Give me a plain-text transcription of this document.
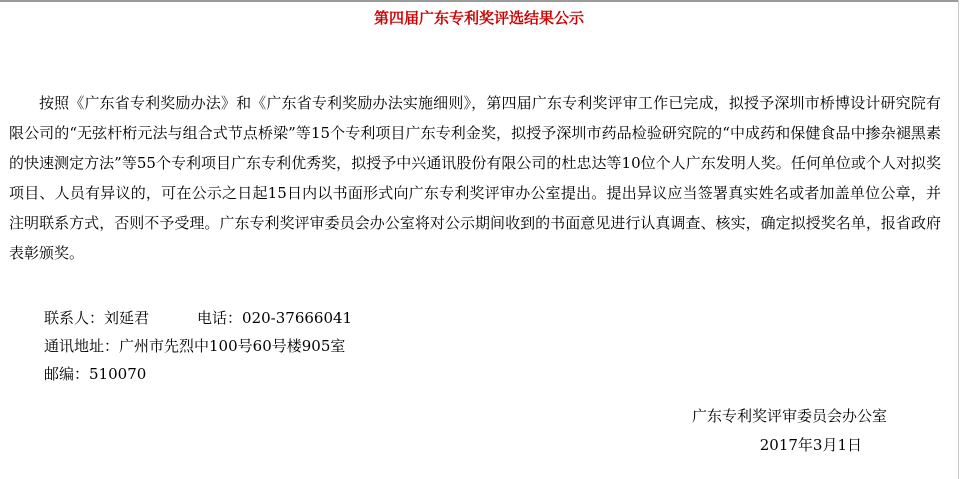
第四届广东专利奖评选结果公示

按照《广东省专利奖励办法》和《广东省专利奖励办法实施细则》，第四届广东专利奖评审工作已完成，拟授予深圳市桥博设计研究院有限公司的“无弦杆桁元法与组合式节点桥梁”等15个专利项目广东专利金奖，拟授予深圳市药品检验研究院的“中成药和保健食品中掺杂褪黑素的快速测定方法”等55个专利项目广东专利优秀奖，拟授予中兴通讯股份有限公司的杜忠达等10位个人广东发明人奖。任何单位或个人对拟奖项目、人员有异议的，可在公示之日起15日内以书面形式向广东专利奖评审办公室提出。提出异议应当签署真实姓名或者加盖单位公章，并注明联系方式，否则不予受理。广东专利奖评审委员会办公室将对公示期间收到的书面意见进行认真调查、核实，确定拟授奖名单，报省政府表彰颁奖。

联系人：刘延君	电话：020-37666041
通讯地址：广州市先烈中100号60号楼905室
邮编：510070
广东专利奖评审委员会办公室
2017年3月1日
